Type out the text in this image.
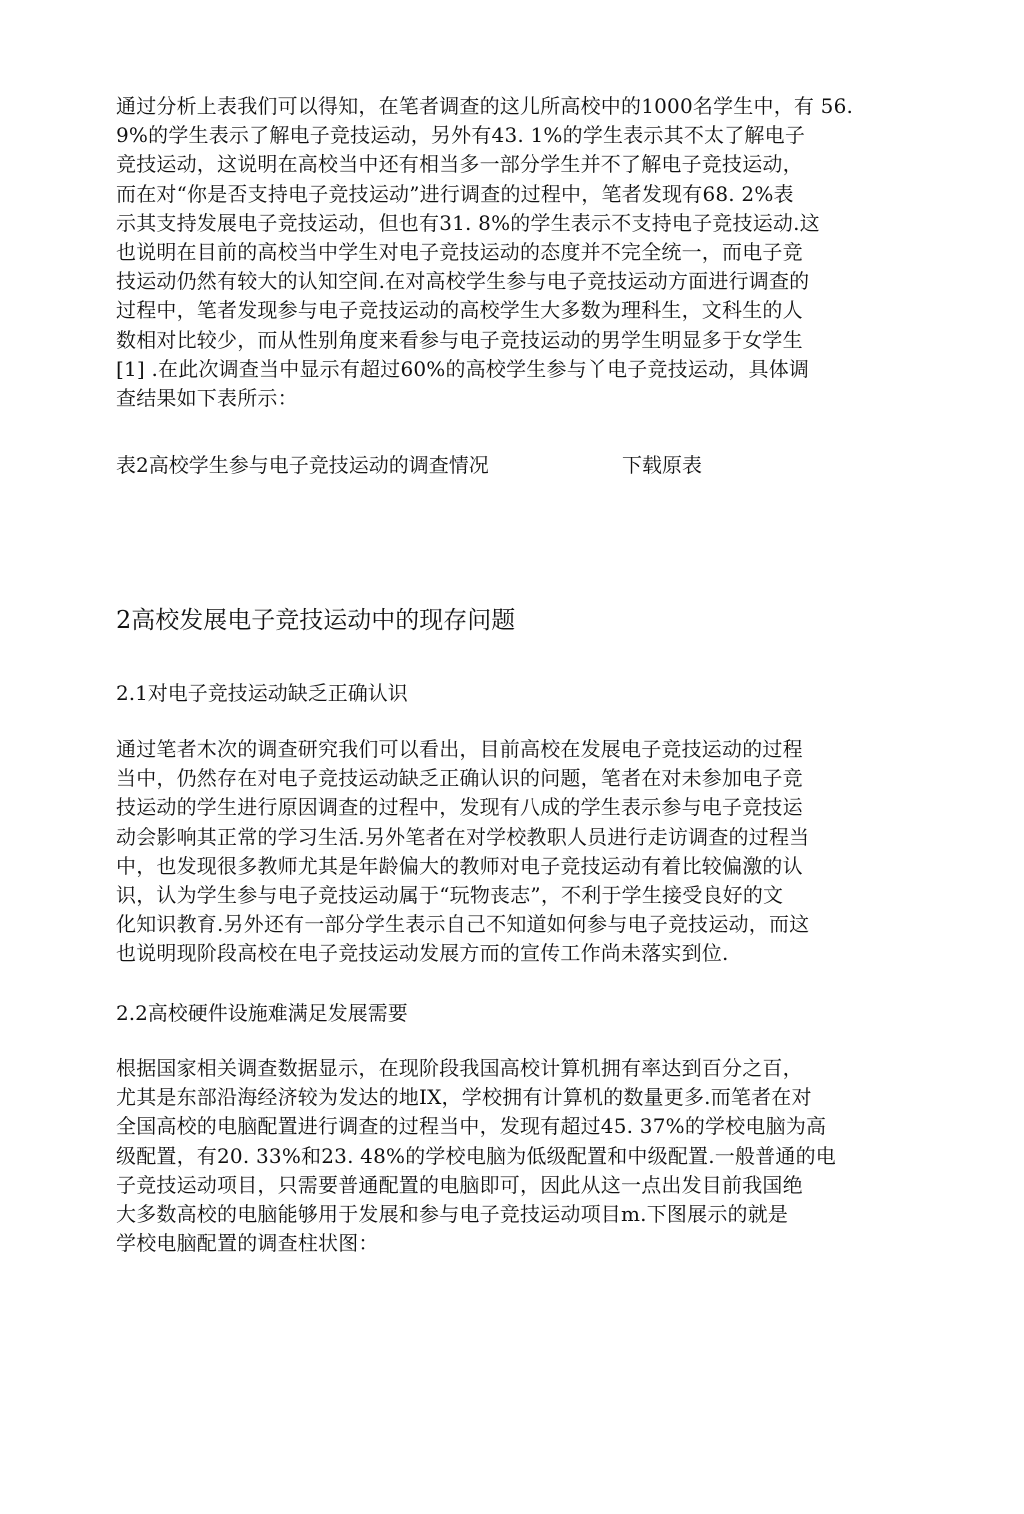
通过分析上表我们可以得知，在笔者调查的这儿所高校中的1000名学生中，有 56.
9%的学生表示了解电子竞技运动，另外有43. 1%的学生表示其不太了解电子
竞技运动，这说明在高校当中还有相当多一部分学生并不了解电子竞技运动，
而在对“你是否支持电子竞技运动”进行调查的过程中，笔者发现有68. 2%表
示其支持发展电子竞技运动，但也有31. 8%的学生表示不支持电子竞技运动.这
也说明在目前的高校当中学生对电子竞技运动的态度并不完全统一，而电子竞
技运动仍然有较大的认知空间.在对高校学生参与电子竞技运动方面进行调查的
过程中，笔者发现参与电子竞技运动的高校学生大多数为理科生，文科生的人
数相对比较少，而从性别角度来看参与电子竞技运动的男学生明显多于女学生
[1] .在此次调查当中显示有超过60%的高校学生参与丫电子竞技运动，具体调
查结果如下表所示：

表2高校学生参与电子竞技运动的调查情况	下载原表
2高校发展电子竞技运动中的现存问题
2.1对电子竞技运动缺乏正确认识

通过笔者木次的调查研究我们可以看出，目前高校在发展电子竞技运动的过程
当中，仍然存在对电子竞技运动缺乏正确认识的问题，笔者在对未参加电子竞
技运动的学生进行原因调查的过程中，发现有八成的学生表示参与电子竞技运
动会影响其正常的学习生活.另外笔者在对学校教职人员进行走访调查的过程当
中，也发现很多教师尤其是年龄偏大的教师对电子竞技运动有着比较偏激的认
识，认为学生参与电子竞技运动属于“玩物丧志”，不利于学生接受良好的文
化知识教育.另外还有一部分学生表示自己不知道如何参与电子竞技运动，而这
也说明现阶段高校在电子竞技运动发展方而的宣传工作尚未落实到位.

2.2高校硬件设施难满足发展需要

根据国家相关调查数据显示，在现阶段我国高校计算机拥有率达到百分之百，
尤其是东部沿海经济较为发达的地IX，学校拥有计算机的数量更多.而笔者在对
全国高校的电脑配置进行调查的过程当中，发现有超过45. 37%的学校电脑为高
级配置，有20. 33%和23. 48%的学校电脑为低级配置和中级配置.一般普通的电
子竞技运动项目，只需要普通配置的电脑即可，因此从这一点出发目前我国绝
大多数高校的电脑能够用于发展和参与电子竞技运动项目m.下图展示的就是
学校电脑配置的调查柱状图：
